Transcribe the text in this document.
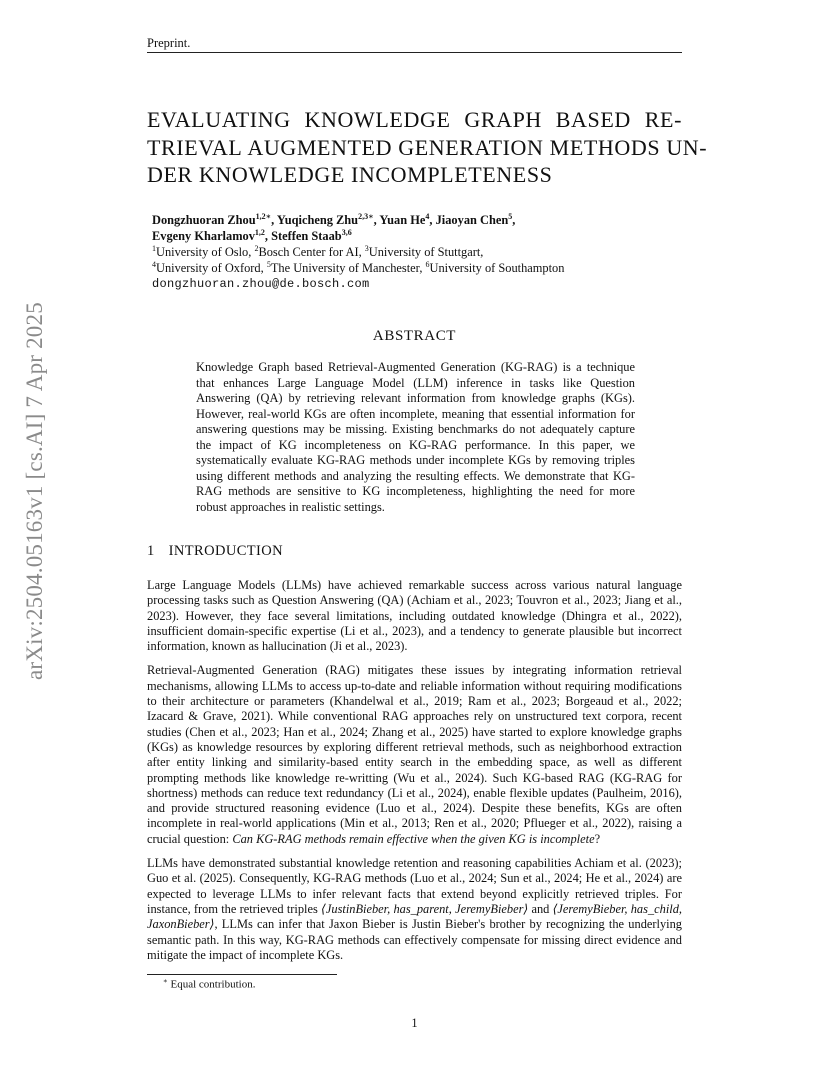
Preprint.
arXiv:2504.05163v1 [cs.AI] 7 Apr 2025
EVALUATING KNOWLEDGE GRAPH BASED RE-
TRIEVAL AUGMENTED GENERATION METHODS UN-
DER KNOWLEDGE INCOMPLETENESS
Dongzhuoran Zhou$^{1,2∗}$, Yuqicheng Zhu$^{2,3∗}$, Yuan He$^4$, Jiaoyan Chen$^5$,
Evgeny Kharlamov$^{1,2}$, Steffen Staab$^{3,6}$
$^1$University of Oslo, $^2$Bosch Center for AI, $^3$University of Stuttgart,
$^4$University of Oxford, $^5$The University of Manchester, $^6$University of Southampton
dongzhuoran.zhou@de.bosch.com
ABSTRACT

Knowledge Graph based Retrieval-Augmented Generation (KG-RAG) is a technique that enhances Large Language Model (LLM) inference in tasks like Question Answering (QA) by retrieving relevant information from knowledge graphs (KGs). However, real-world KGs are often incomplete, meaning that essential information for answering questions may be missing. Existing benchmarks do not adequately capture the impact of KG incompleteness on KG-RAG performance. In this paper, we systematically evaluate KG-RAG methods under incomplete KGs by removing triples using different methods and analyzing the resulting effects. We demonstrate that KG-RAG methods are sensitive to KG incompleteness, highlighting the need for more robust approaches in realistic settings.

1 INTRODUCTION

Large Language Models (LLMs) have achieved remarkable success across various natural language processing tasks such as Question Answering (QA) (Achiam et al., 2023; Touvron et al., 2023; Jiang et al., 2023). However, they face several limitations, including outdated knowledge (Dhingra et al., 2022), insufficient domain-specific expertise (Li et al., 2023), and a tendency to generate plausible but incorrect information, known as hallucination (Ji et al., 2023).

Retrieval-Augmented Generation (RAG) mitigates these issues by integrating information retrieval mechanisms, allowing LLMs to access up-to-date and reliable information without requiring modifications to their architecture or parameters (Khandelwal et al., 2019; Ram et al., 2023; Borgeaud et al., 2022; Izacard & Grave, 2021). While conventional RAG approaches rely on unstructured text corpora, recent studies (Chen et al., 2023; Han et al., 2024; Zhang et al., 2025) have started to explore knowledge graphs (KGs) as knowledge resources by exploring different retrieval methods, such as neighborhood extraction after entity linking and similarity-based entity search in the embedding space, as well as different prompting methods like knowledge re-writting (Wu et al., 2024). Such KG-based RAG (KG-RAG for shortness) methods can reduce text redundancy (Li et al., 2024), enable flexible updates (Paulheim, 2016), and provide structured reasoning evidence (Luo et al., 2024). Despite these benefits, KGs are often incomplete in real-world applications (Min et al., 2013; Ren et al., 2020; Pflueger et al., 2022), raising a crucial question: Can KG-RAG methods remain effective when the given KG is incomplete?

LLMs have demonstrated substantial knowledge retention and reasoning capabilities Achiam et al. (2023); Guo et al. (2025). Consequently, KG-RAG methods (Luo et al., 2024; Sun et al., 2024; He et al., 2024) are expected to leverage LLMs to infer relevant facts that extend beyond explicitly retrieved triples. For instance, from the retrieved triples ⟨JustinBieber, has_parent, JeremyBieber⟩ and ⟨JeremyBieber, has_child, JaxonBieber⟩, LLMs can infer that Jaxon Bieber is Justin Bieber's brother by recognizing the underlying semantic path. In this way, KG-RAG methods can effectively compensate for missing direct evidence and mitigate the impact of incomplete KGs.

∗ Equal contribution.
1
